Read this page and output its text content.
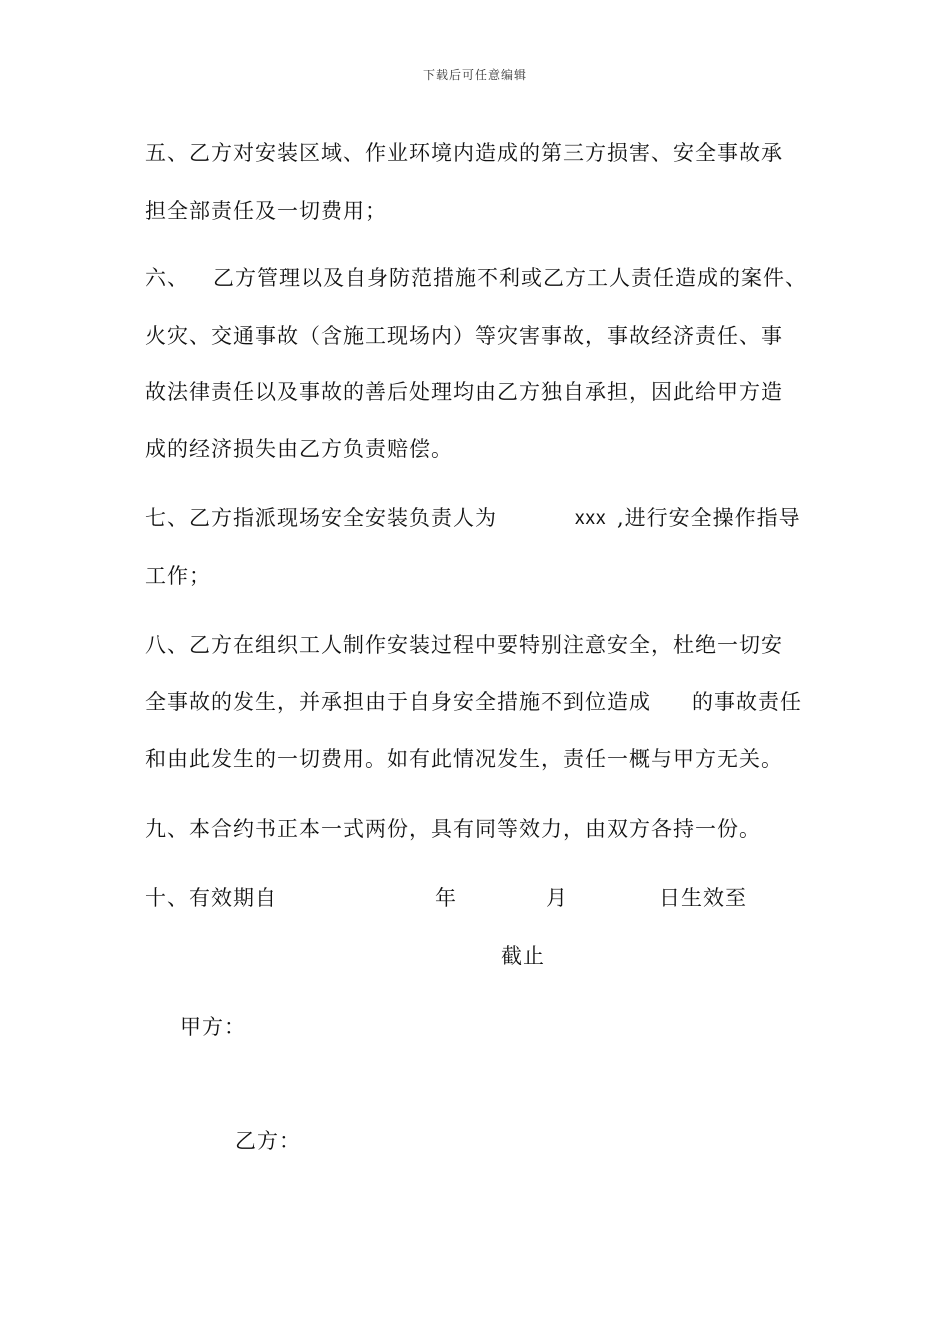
下载后可任意编辑
五、乙方对安装区域、作业环境内造成的第三方损害、安全事故承
担全部责任及一切费用；
六、 乙方管理以及自身防范措施不利或乙方工人责任造成的案件、
火灾、交通事故（含施工现场内）等灾害事故，事故经济责任、事
故法律责任以及事故的善后处理均由乙方独自承担，因此给甲方造
成的经济损失由乙方负责赔偿。
七、乙方指派现场安全安装负责人为	xxx ,进行安全操作指导
工作；
八、乙方在组织工人制作安装过程中要特别注意安全，杜绝一切安
全事故的发生，并承担由于自身安全措施不到位造成 的事故责任
和由此发生的一切费用。如有此情况发生，责任一概与甲方无关。
九、本合约书正本一式两份，具有同等效力，由双方各持一份。
十、有效期自	年	月	日生效至
截止
甲方：
乙方：
